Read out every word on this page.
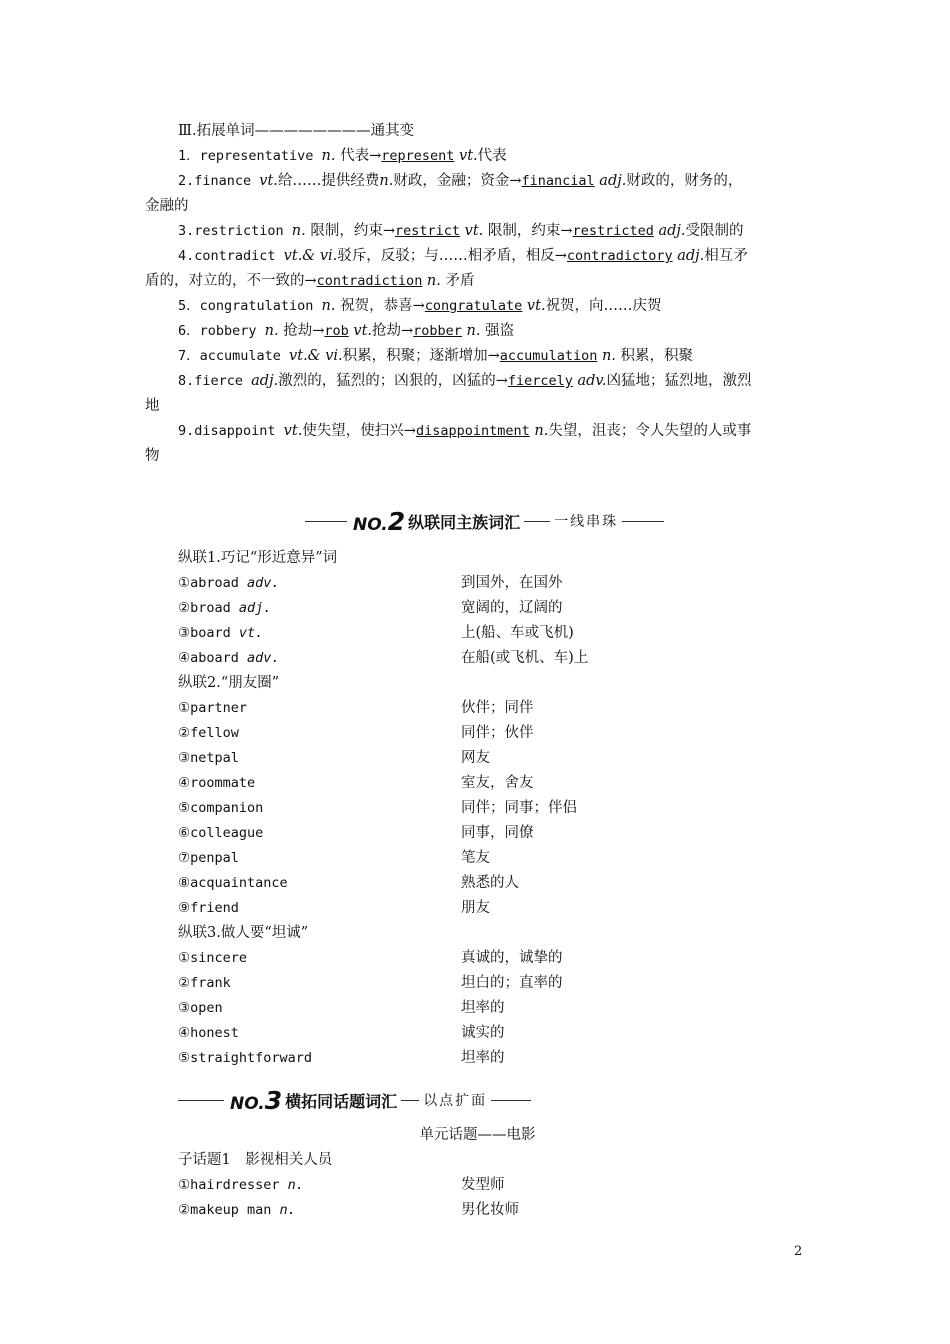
Ⅲ.拓展单词————————通其变
1．representative n. 代表→represent vt.代表
2.finance vt.给……提供经费n.财政，金融；资金→financial adj.财政的，财务的，
金融的
3.restriction n. 限制，约束→restrict vt. 限制，约束→restricted adj.受限制的
4.contradict vt.& vi.驳斥，反驳；与……相矛盾，相反→contradictory adj.相互矛
盾的，对立的，不一致的→contradiction n. 矛盾
5．congratulation n. 祝贺，恭喜→congratulate vt.祝贺，向……庆贺
6．robbery n. 抢劫→rob vt.抢劫→robber n. 强盗
7．accumulate vt.& vi.积累，积聚；逐渐增加→accumulation n. 积累，积聚
8.fierce adj.激烈的，猛烈的；凶狠的，凶猛的→fiercely adv.凶猛地；猛烈地，激烈
地
9.disappoint vt.使失望，使扫兴→disappointment n.失望，沮丧；令人失望的人或事
物
NO.2 纵联同主族词汇 一线串珠
纵联1.巧记“形近意异”词
①abroad adv.	到国外，在国外
②broad adj.	宽阔的，辽阔的
③board vt.	上(船、车或飞机)
④aboard adv.	在船(或飞机、车)上
纵联2.“朋友圈”
①partner	伙伴；同伴
②fellow	同伴；伙伴
③netpal	网友
④roommate	室友，舍友
⑤companion	同伴；同事；伴侣
⑥colleague	同事，同僚
⑦penpal	笔友
⑧acquaintance	熟悉的人
⑨friend	朋友
纵联3.做人要“坦诚”
①sincere	真诚的，诚挚的
②frank	坦白的；直率的
③open	坦率的
④honest	诚实的
⑤straightforward	坦率的
NO.3 横拓同话题词汇 以点扩面
单元话题——电影
子话题1　影视相关人员
①hairdresser n.	发型师
②makeup man n.	男化妆师
2
